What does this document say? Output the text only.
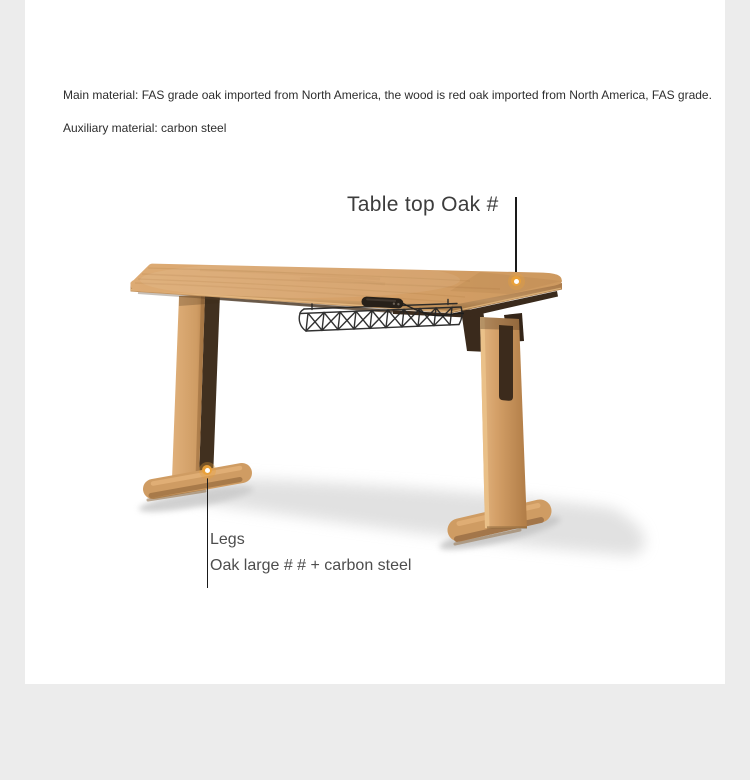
Main material: FAS grade oak imported from North America, the wood is red oak imported from North America, FAS grade.

Auxiliary material: carbon steel

Table top Oak #
Legs
Oak large # # + carbon steel
